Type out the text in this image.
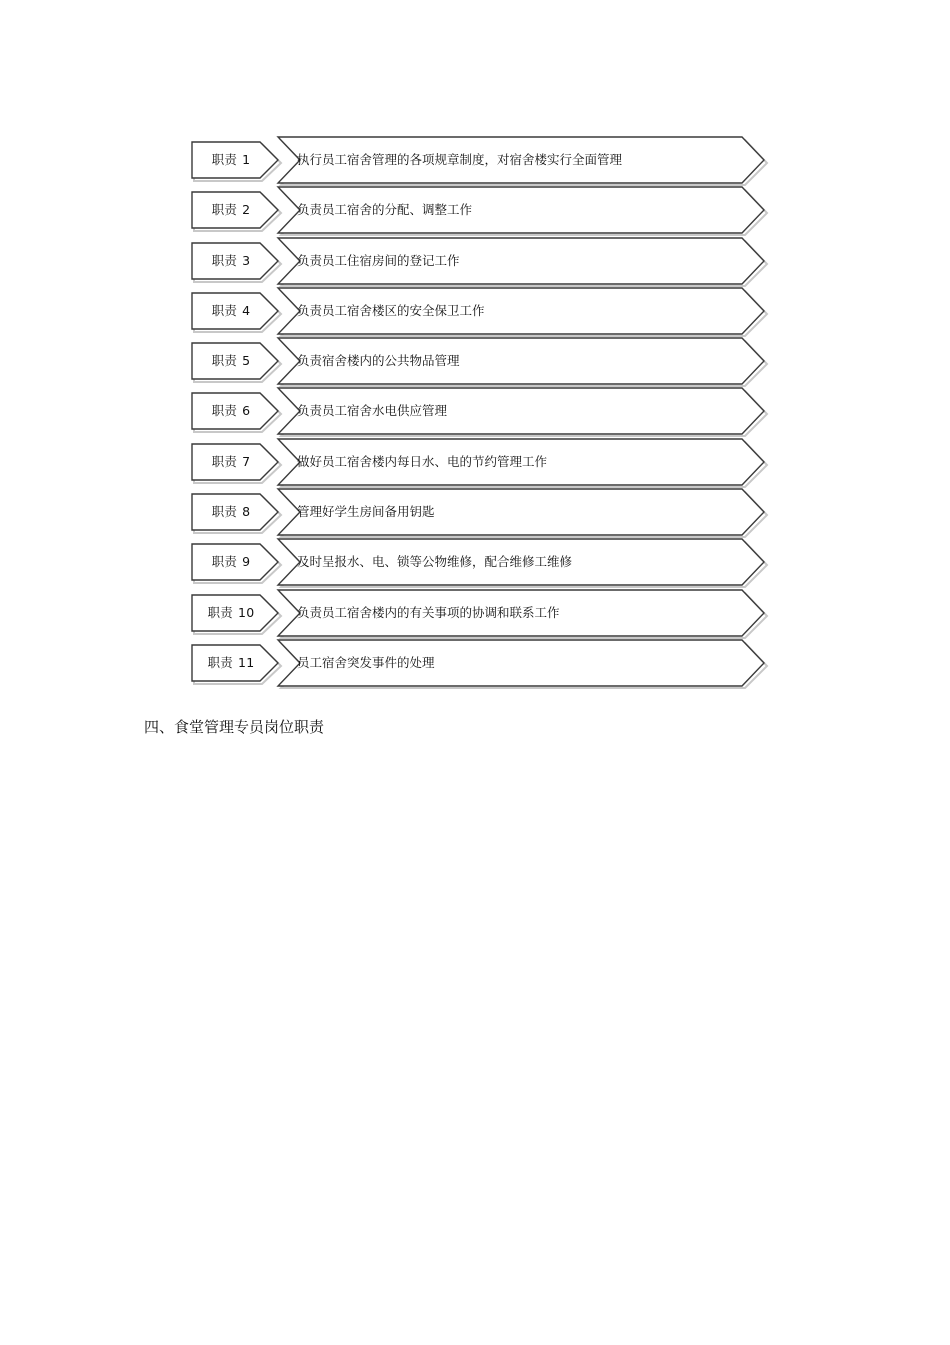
职责 1	执行员工宿舍管理的各项规章制度，对宿舍楼实行全面管理
职责 2	负责员工宿舍的分配、调整工作
职责 3	负责员工住宿房间的登记工作
职责 4	负责员工宿舍楼区的安全保卫工作
职责 5	负责宿舍楼内的公共物品管理
职责 6	负责员工宿舍水电供应管理
职责 7	做好员工宿舍楼内每日水、电的节约管理工作
职责 8	管理好学生房间备用钥匙
职责 9	及时呈报水、电、锁等公物维修，配合维修工维修
职责 10	负责员工宿舍楼内的有关事项的协调和联系工作
职责 11	员工宿舍突发事件的处理
四、食堂管理专员岗位职责
